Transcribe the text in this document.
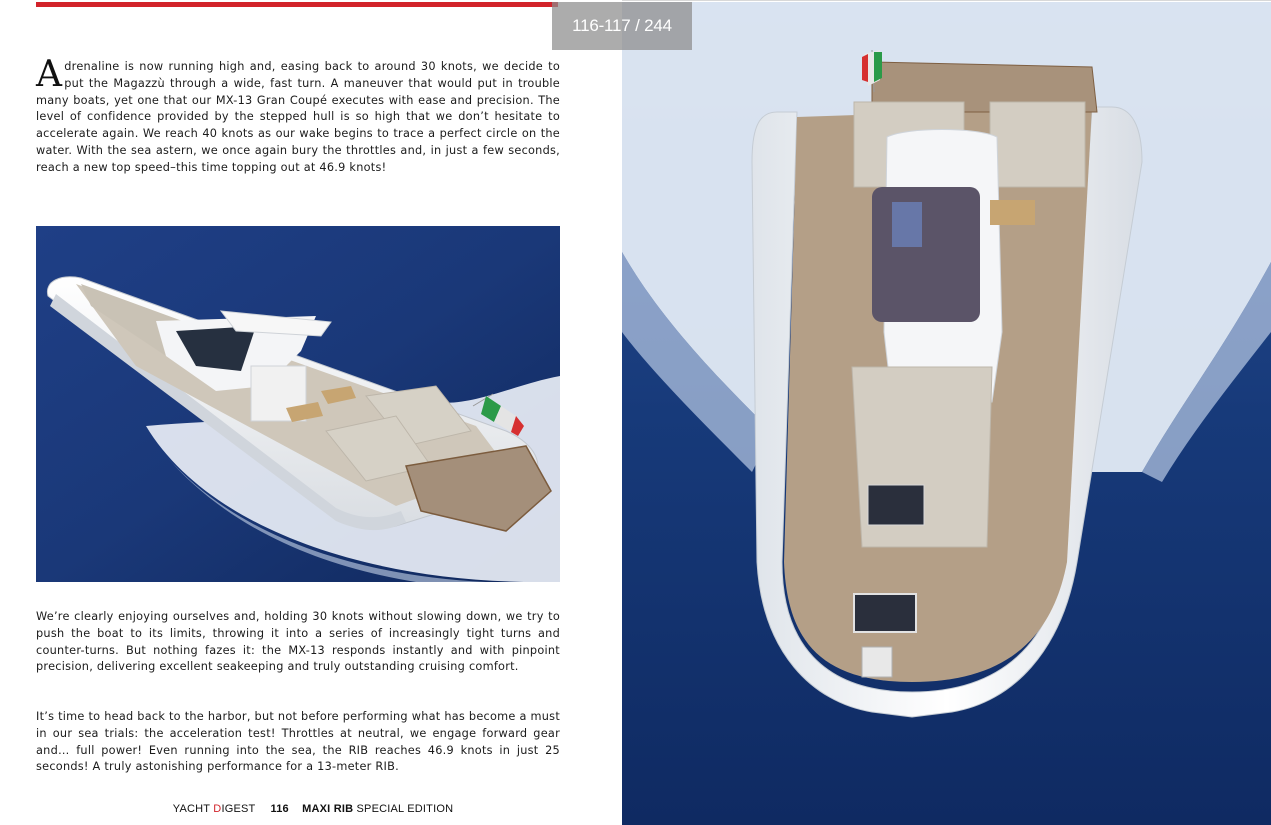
Adrenaline is now running high and, easing back to around 30 knots, we decide to put the Magazzù through a wide, fast turn. A maneuver that would put in trouble many boats, yet one that our MX-13 Gran Coupé executes with ease and precision. The level of confidence provided by the stepped hull is so high that we don’t hesitate to accelerate again. We reach 40 knots as our wake begins to trace a perfect circle on the water. With the sea astern, we once again bury the throttles and, in just a few seconds, reach a new top speed–this time topping out at 46.9 knots!
We’re clearly enjoying ourselves and, holding 30 knots without slowing down, we try to push the boat to its limits, throwing it into a series of increasingly tight turns and counter-turns. But nothing fazes it: the MX-13 responds instantly and with pinpoint precision, delivering excellent seakeeping and truly outstanding cruising comfort.
It’s time to head back to the harbor, but not before performing what has become a must in our sea trials: the acceleration test! Throttles at neutral, we engage forward gear and… full power! Even running into the sea, the RIB reaches 46.9 knots in just 25 seconds! A truly astonishing performance for a 13-meter RIB.
YACHT DIGEST 116 MAXI RIB SPECIAL EDITION
116-117 / 244
